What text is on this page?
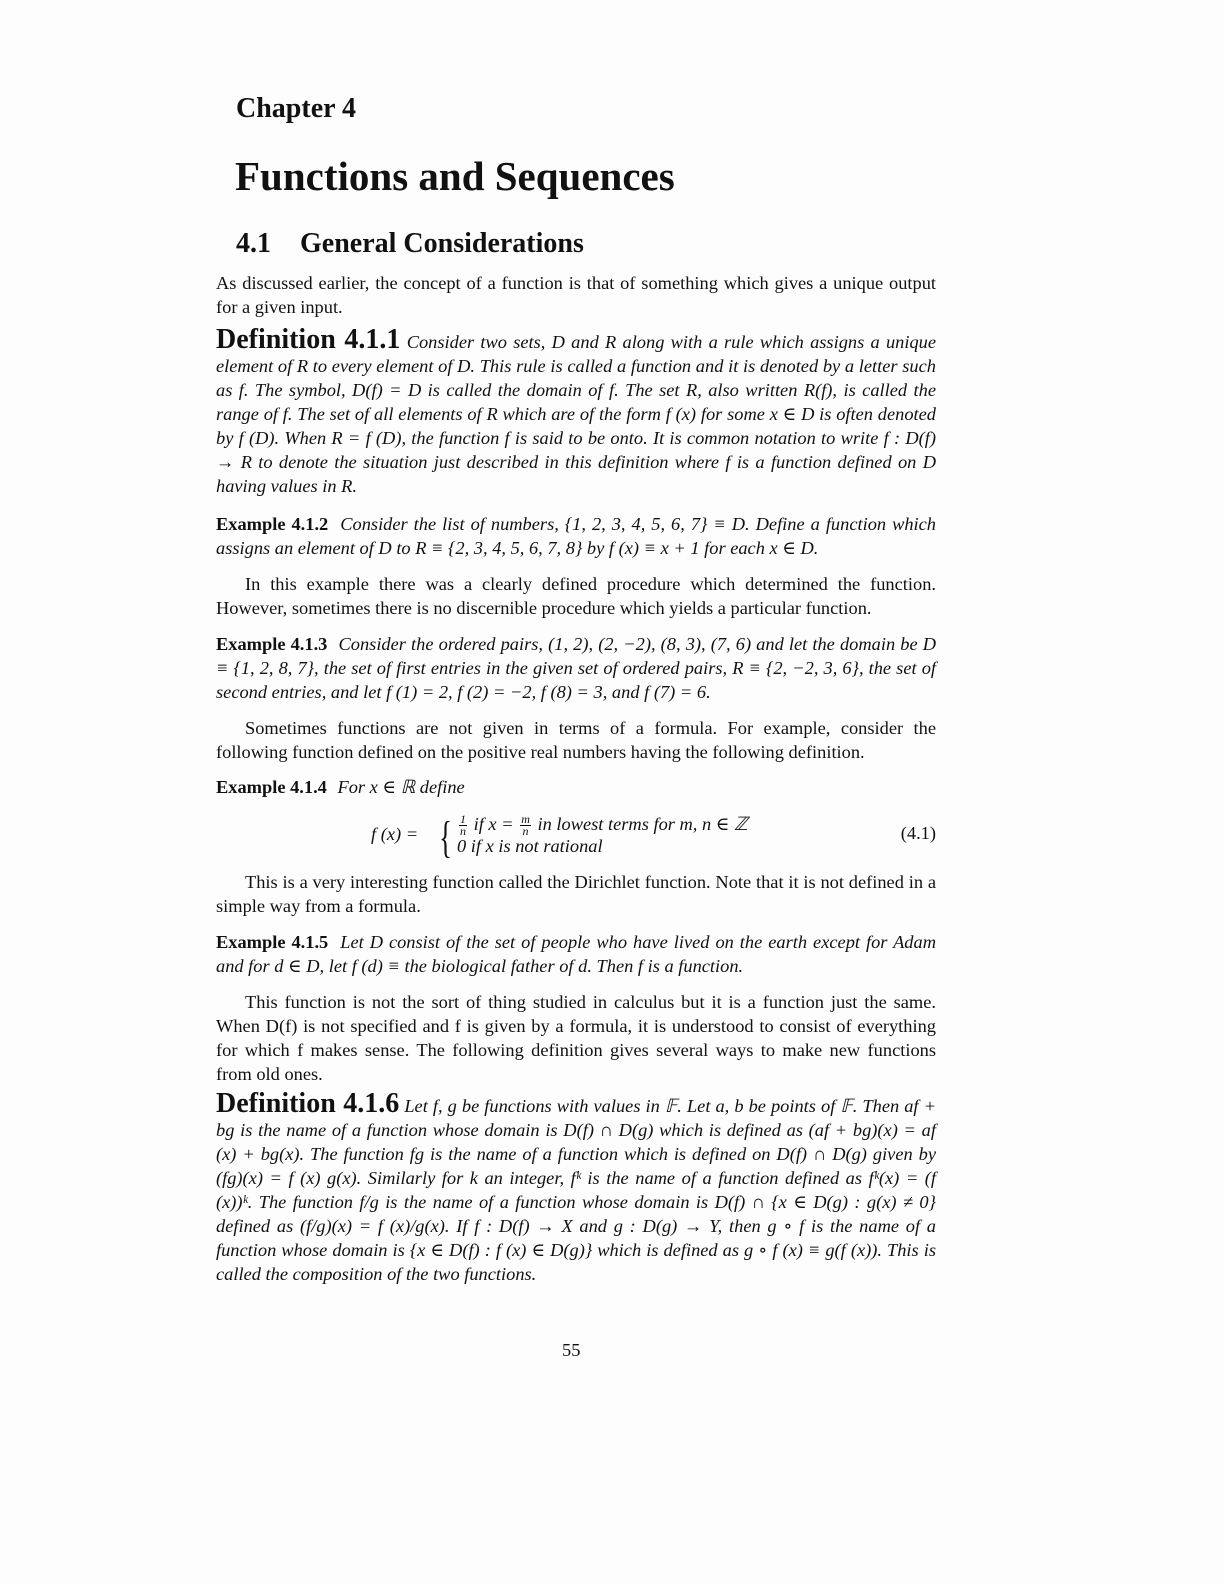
Chapter 4
Functions and Sequences
4.1 General Considerations
As discussed earlier, the concept of a function is that of something which gives a unique output for a given input.
Definition 4.1.1 Consider two sets, D and R along with a rule which assigns a unique element of R to every element of D. This rule is called a function and it is denoted by a letter such as f. The symbol, D(f) = D is called the domain of f. The set R, also written R(f), is called the range of f. The set of all elements of R which are of the form f (x) for some x ∈ D is often denoted by f (D). When R = f (D), the function f is said to be onto. It is common notation to write f : D(f) → R to denote the situation just described in this definition where f is a function defined on D having values in R.
Example 4.1.2 Consider the list of numbers, {1, 2, 3, 4, 5, 6, 7} ≡ D. Define a function which assigns an element of D to R ≡ {2, 3, 4, 5, 6, 7, 8} by f (x) ≡ x + 1 for each x ∈ D.
In this example there was a clearly defined procedure which determined the function. However, sometimes there is no discernible procedure which yields a particular function.
Example 4.1.3 Consider the ordered pairs, (1, 2), (2, −2), (8, 3), (7, 6) and let the domain be D ≡ {1, 2, 8, 7}, the set of first entries in the given set of ordered pairs, R ≡ {2, −2, 3, 6}, the set of second entries, and let f (1) = 2, f (2) = −2, f (8) = 3, and f (7) = 6.
Sometimes functions are not given in terms of a formula. For example, consider the following function defined on the positive real numbers having the following definition.
Example 4.1.4 For x ∈ ℝ define
f (x) = { $\frac{1}{n}$ if $x = \frac{m}{n}$ in lowest terms for m, n ∈ ℤ
0 if x is not rational
(4.1)
This is a very interesting function called the Dirichlet function. Note that it is not defined in a simple way from a formula.
Example 4.1.5 Let D consist of the set of people who have lived on the earth except for Adam and for d ∈ D, let f (d) ≡ the biological father of d. Then f is a function.
This function is not the sort of thing studied in calculus but it is a function just the same. When D(f) is not specified and f is given by a formula, it is understood to consist of everything for which f makes sense. The following definition gives several ways to make new functions from old ones.
Definition 4.1.6 Let f, g be functions with values in 𝔽. Let a, b be points of 𝔽. Then af + bg is the name of a function whose domain is D(f) ∩ D(g) which is defined as (af + bg)(x) = af (x) + bg(x). The function fg is the name of a function which is defined on D(f) ∩ D(g) given by (fg)(x) = f (x) g(x). Similarly for k an integer, fᵏ is the name of a function defined as fᵏ(x) = (f (x))ᵏ. The function f/g is the name of a function whose domain is D(f) ∩ {x ∈ D(g) : g(x) ≠ 0} defined as (f/g)(x) = f (x)/g(x). If f : D(f) → X and g : D(g) → Y, then g ∘ f is the name of a function whose domain is {x ∈ D(f) : f (x) ∈ D(g)} which is defined as g ∘ f (x) ≡ g(f (x)). This is called the composition of the two functions.
55
